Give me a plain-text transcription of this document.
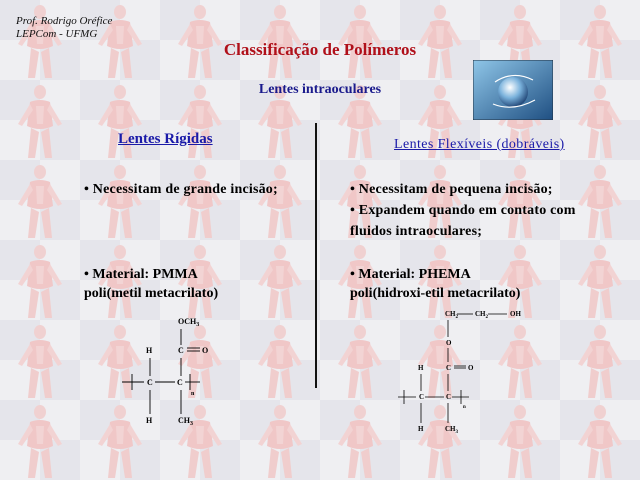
Prof. Rodrigo Oréfice
LEPCom - UFMG
Classificação de Polímeros
Lentes intraoculares
Lentes Rígidas	Lentes Flexíveis (dobráveis)
• Necessitam de grande incisão;
• Material: PMMA
poli(metil metacrilato)
• Necessitam de pequena incisão;
• Expandem quando em contato com
fluidos intraoculares;
• Material: PHEMA
poli(hidroxi-etil metacrilato)
$OCH_3$
H	C O
C	C
n
H	$CH_3$
$CH_2$ $CH_2$	OH
O
H	C O
C	C
n
H	$CH_3$
